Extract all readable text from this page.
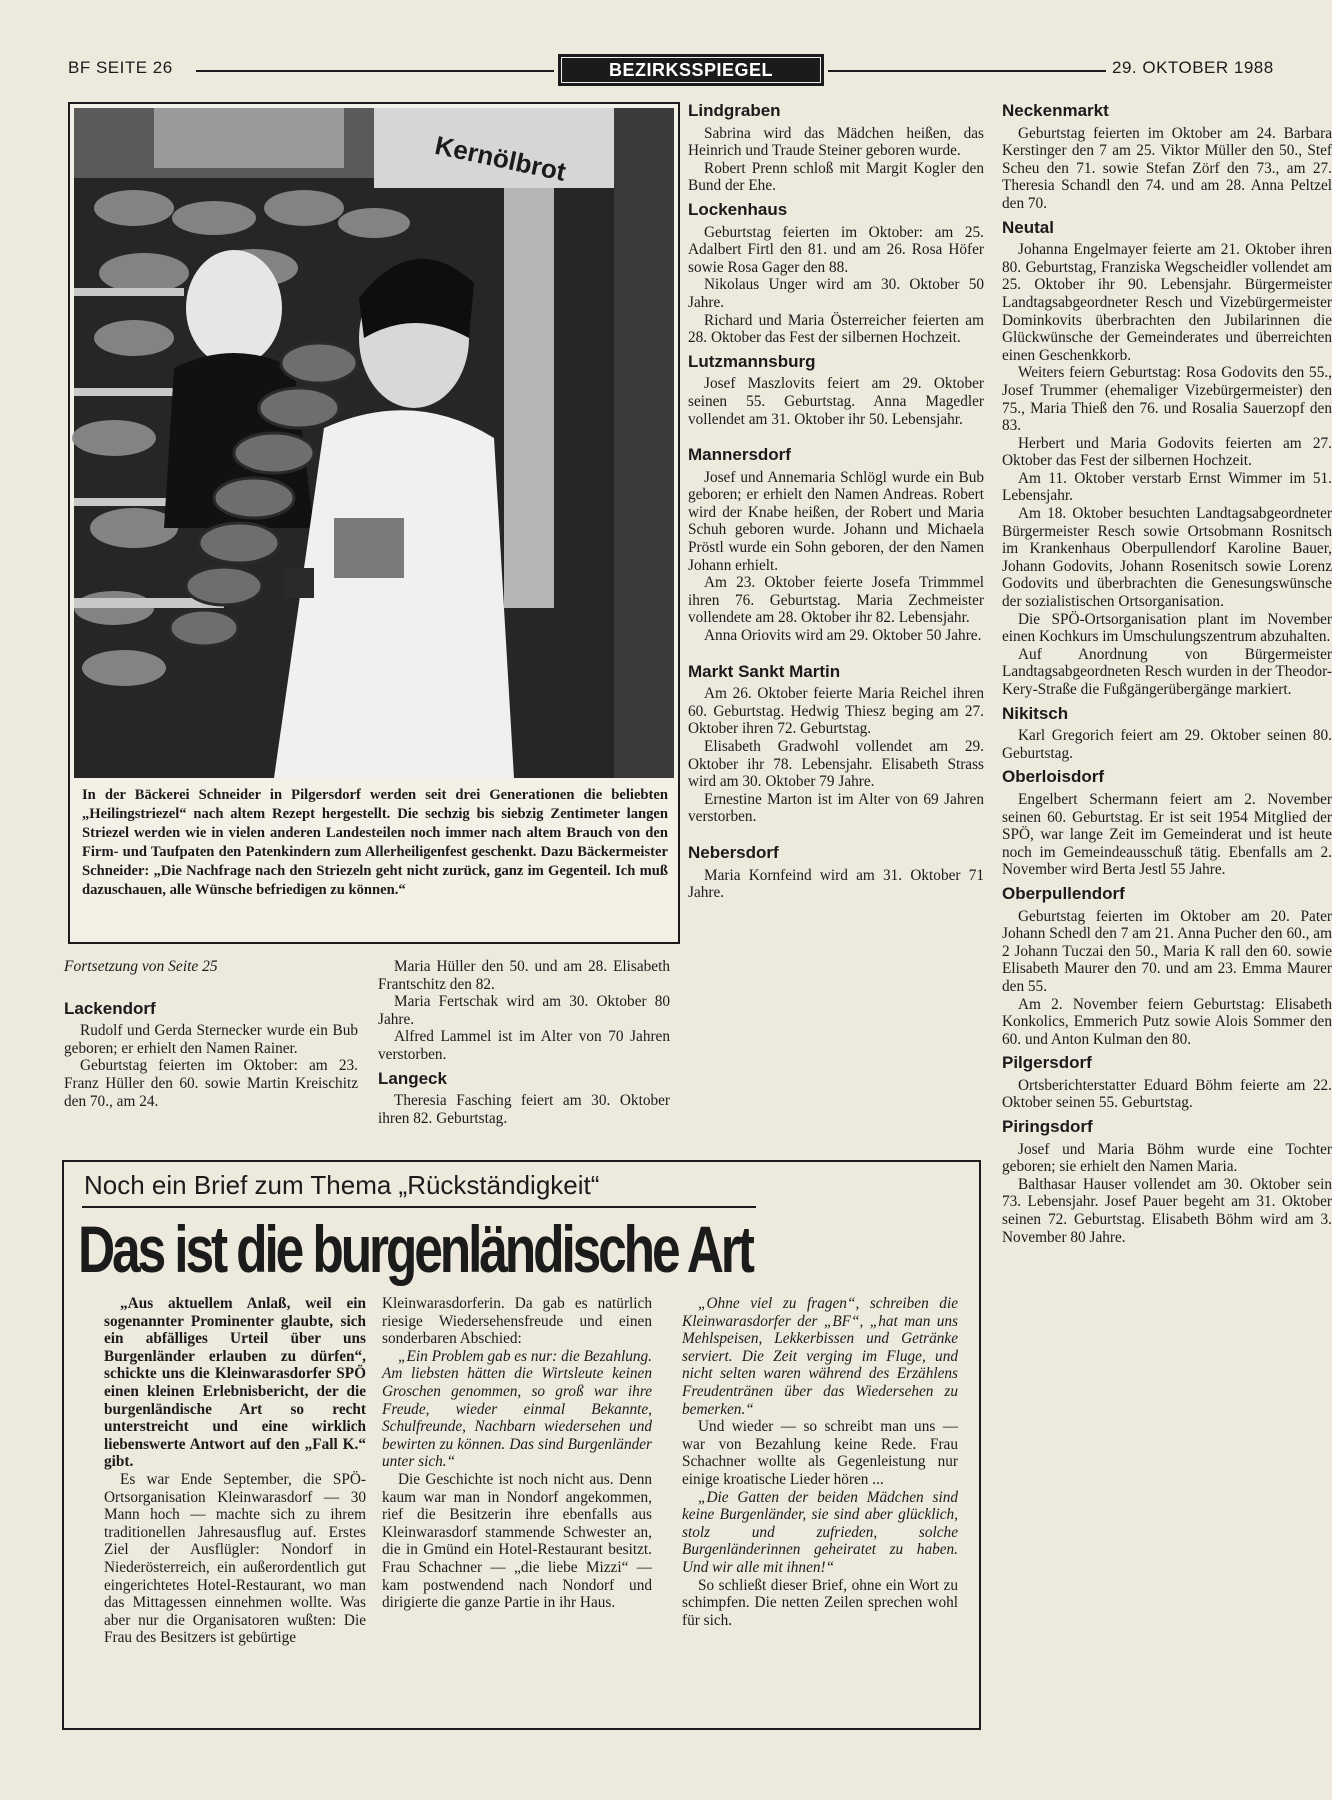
BF SEITE 26	BEZIRKSSPIEGEL	29. OKTOBER 1988
Kernölbrot
In der Bäckerei Schneider in Pilgersdorf werden seit drei Generationen die beliebten „Heilingstriezel“ nach altem Rezept hergestellt. Die sechzig bis siebzig Zentimeter langen Striezel werden wie in vielen anderen Landesteilen noch immer nach altem Brauch von den Firm- und Taufpaten den Patenkindern zum Allerheiligenfest geschenkt. Dazu Bäckermeister Schneider: „Die Nachfrage nach den Striezeln geht nicht zurück, ganz im Gegenteil. Ich muß dazuschauen, alle Wünsche befriedigen zu können.“

Fortsetzung von Seite 25

Lackendorf

Rudolf und Gerda Sternecker wurde ein Bub geboren; er erhielt den Namen Rainer.

Geburtstag feierten im Oktober: am 23. Franz Hüller den 60. sowie Martin Kreischitz den 70., am 24.

Maria Hüller den 50. und am 28. Elisabeth Frantschitz den 82.

Maria Fertschak wird am 30. Oktober 80 Jahre.

Alfred Lammel ist im Alter von 70 Jahren verstorben.

Langeck

Theresia Fasching feiert am 30. Oktober ihren 82. Geburtstag.

Lindgraben

Sabrina wird das Mädchen heißen, das Heinrich und Traude Steiner geboren wurde.

Robert Prenn schloß mit Margit Kogler den Bund der Ehe.

Lockenhaus

Geburtstag feierten im Oktober: am 25. Adalbert Firtl den 81. und am 26. Rosa Höfer sowie Rosa Gager den 88.

Nikolaus Unger wird am 30. Oktober 50 Jahre.

Richard und Maria Österreicher feierten am 28. Oktober das Fest der silbernen Hochzeit.

Lutzmannsburg

Josef Maszlovits feiert am 29. Oktober seinen 55. Geburtstag. Anna Magedler vollendet am 31. Oktober ihr 50. Lebensjahr.

Mannersdorf

Josef und Annemaria Schlögl wurde ein Bub geboren; er erhielt den Namen Andreas. Robert wird der Knabe heißen, der Robert und Maria Schuh geboren wurde. Johann und Michaela Pröstl wurde ein Sohn geboren, der den Namen Johann erhielt.

Am 23. Oktober feierte Josefa Trimmmel ihren 76. Geburtstag. Maria Zechmeister vollendete am 28. Oktober ihr 82. Lebensjahr.

Anna Oriovits wird am 29. Oktober 50 Jahre.

Markt Sankt Martin

Am 26. Oktober feierte Maria Reichel ihren 60. Geburtstag. Hedwig Thiesz beging am 27. Oktober ihren 72. Geburtstag.

Elisabeth Gradwohl vollendet am 29. Oktober ihr 78. Lebensjahr. Elisabeth Strass wird am 30. Oktober 79 Jahre.

Ernestine Marton ist im Alter von 69 Jahren verstorben.

Nebersdorf

Maria Kornfeind wird am 31. Oktober 71 Jahre.

Neckenmarkt

Geburtstag feierten im Oktober am 24. Barbara Kerstinger den 7 am 25. Viktor Müller den 50., Stef Scheu den 71. sowie Stefan Zörf den 73., am 27. Theresia Schandl den 74. und am 28. Anna Peltzel den 70.

Neutal

Johanna Engelmayer feierte am 21. Oktober ihren 80. Geburtstag, Franziska Wegscheidler vollendet am 25. Oktober ihr 90. Lebensjahr. Bürgermeister Landtagsabgeordneter Resch und Vizebürgermeister Dominkovits überbrachten den Jubilarinnen die Glückwünsche der Gemeinderates und überreichten einen Geschenkkorb.

Weiters feiern Geburtstag: Rosa Godovits den 55., Josef Trummer (ehemaliger Vizebürgermeister) den 75., Maria Thieß den 76. und Rosalia Sauerzopf den 83.

Herbert und Maria Godovits feierten am 27. Oktober das Fest der silbernen Hochzeit.

Am 11. Oktober verstarb Ernst Wimmer im 51. Lebensjahr.

Am 18. Oktober besuchten Landtagsabgeordneter Bürgermeister Resch sowie Ortsobmann Rosnitsch im Krankenhaus Oberpullendorf Karoline Bauer, Johann Godovits, Johann Rosenitsch sowie Lorenz Godovits und überbrachten die Genesungswünsche der sozialistischen Ortsorganisation.

Die SPÖ-Ortsorganisation plant im November einen Kochkurs im Umschulungszentrum abzuhalten.

Auf Anordnung von Bürgermeister Landtagsabgeordneten Resch wurden in der Theodor-Kery-Straße die Fußgängerübergänge markiert.

Nikitsch

Karl Gregorich feiert am 29. Oktober seinen 80. Geburtstag.

Oberloisdorf

Engelbert Schermann feiert am 2. November seinen 60. Geburtstag. Er ist seit 1954 Mitglied der SPÖ, war lange Zeit im Gemeinderat und ist heute noch im Gemeindeausschuß tätig. Ebenfalls am 2. November wird Berta Jestl 55 Jahre.

Oberpullendorf

Geburtstag feierten im Oktober am 20. Pater Johann Schedl den 7 am 21. Anna Pucher den 60., am 2 Johann Tuczai den 50., Maria K rall den 60. sowie Elisabeth Maurer den 70. und am 23. Emma Maurer den 55.

Am 2. November feiern Geburtstag: Elisabeth Konkolics, Emmerich Putz sowie Alois Sommer den 60. und Anton Kulman den 80.

Pilgersdorf

Ortsberichterstatter Eduard Böhm feierte am 22. Oktober seinen 55. Geburtstag.

Piringsdorf

Josef und Maria Böhm wurde eine Tochter geboren; sie erhielt den Namen Maria.

Balthasar Hauser vollendet am 30. Oktober sein 73. Lebensjahr. Josef Pauer begeht am 31. Oktober seinen 72. Geburtstag. Elisabeth Böhm wird am 3. November 80 Jahre.

Noch ein Brief zum Thema „Rückständigkeit“
Das ist die burgenländische Art

„Aus aktuellem Anlaß, weil ein sogenannter Prominenter glaubte, sich ein abfälliges Urteil über uns Burgenländer erlauben zu dürfen“, schickte uns die Kleinwarasdorfer SPÖ einen kleinen Erlebnisbericht, der die burgenländische Art so recht unterstreicht und eine wirklich liebenswerte Antwort auf den „Fall K.“ gibt.

Es war Ende September, die SPÖ-Ortsorganisation Kleinwarasdorf — 30 Mann hoch — machte sich zu ihrem traditionellen Jahresausflug auf. Erstes Ziel der Ausflügler: Nondorf in Niederösterreich, ein außerordentlich gut eingerichtetes Hotel-Restaurant, wo man das Mittagessen einnehmen wollte. Was aber nur die Organisatoren wußten: Die Frau des Besitzers ist gebürtige

Kleinwarasdorferin. Da gab es natürlich riesige Wiedersehensfreude und einen sonderbaren Abschied:

„Ein Problem gab es nur: die Bezahlung. Am liebsten hätten die Wirtsleute keinen Groschen genommen, so groß war ihre Freude, wieder einmal Bekannte, Schulfreunde, Nachbarn wiedersehen und bewirten zu können. Das sind Burgenländer unter sich.“

Die Geschichte ist noch nicht aus. Denn kaum war man in Nondorf angekommen, rief die Besitzerin ihre ebenfalls aus Kleinwarasdorf stammende Schwester an, die in Gmünd ein Hotel-Restaurant besitzt. Frau Schachner — „die liebe Mizzi“ — kam postwendend nach Nondorf und dirigierte die ganze Partie in ihr Haus.

„Ohne viel zu fragen“, schreiben die Kleinwarasdorfer der „BF“, „hat man uns Mehlspeisen, Lekkerbissen und Getränke serviert. Die Zeit verging im Fluge, und nicht selten waren während des Erzählens Freudentränen über das Wiedersehen zu bemerken.“

Und wieder — so schreibt man uns — war von Bezahlung keine Rede. Frau Schachner wollte als Gegenleistung nur einige kroatische Lieder hören ...

„Die Gatten der beiden Mädchen sind keine Burgenländer, sie sind aber glücklich, stolz und zufrieden, solche Burgenländerinnen geheiratet zu haben. Und wir alle mit ihnen!“

So schließt dieser Brief, ohne ein Wort zu schimpfen. Die netten Zeilen sprechen wohl für sich.
